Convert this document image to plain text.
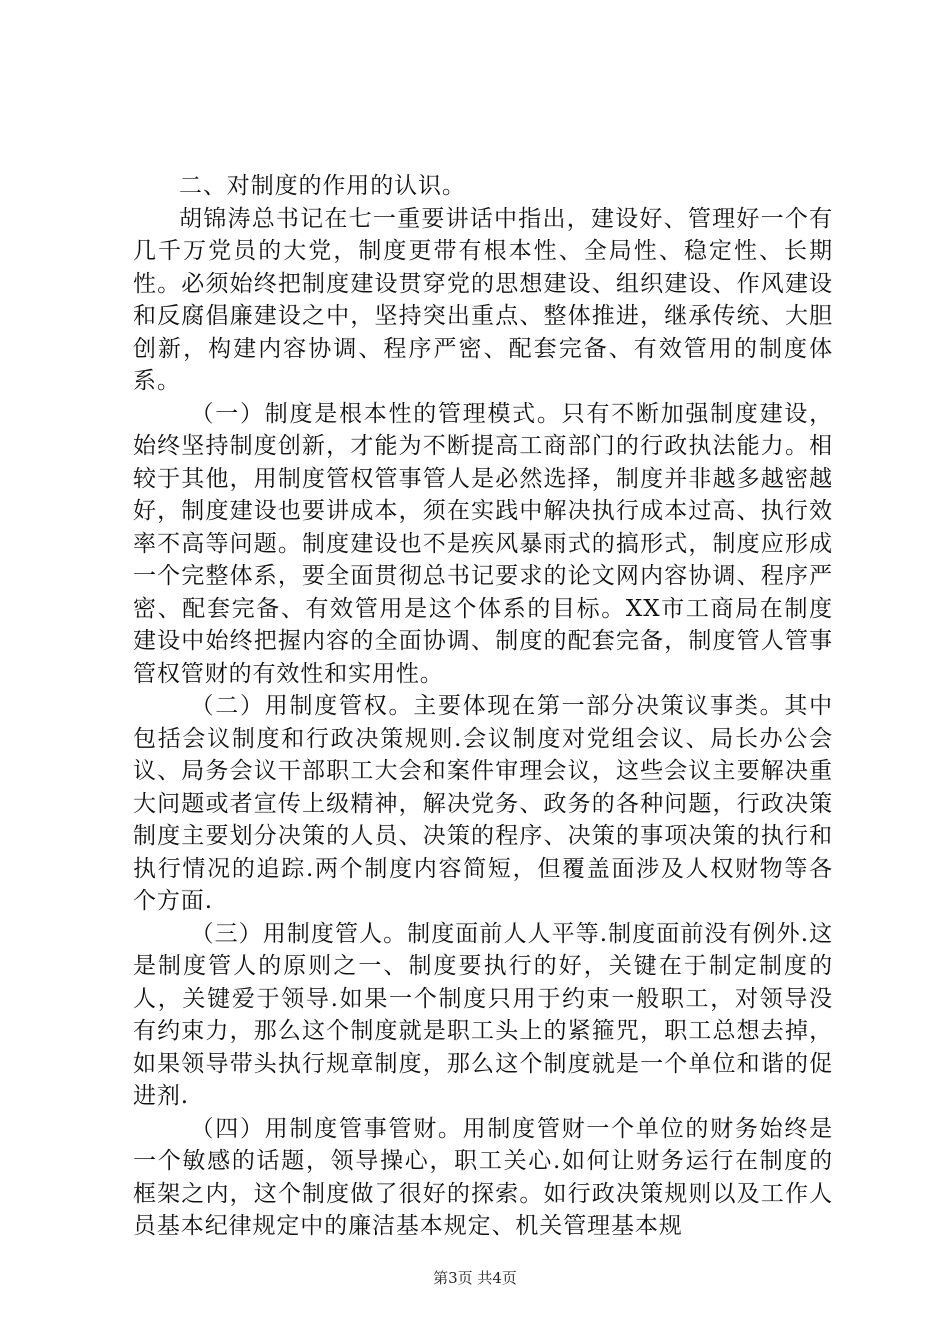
二、对制度的作用的认识。

胡锦涛总书记在七一重要讲话中指出，建设好、管理好一个有几千万党员的大党，制度更带有根本性、全局性、稳定性、长期性。必须始终把制度建设贯穿党的思想建设、组织建设、作风建设和反腐倡廉建设之中，坚持突出重点、整体推进，继承传统、大胆创新，构建内容协调、程序严密、配套完备、有效管用的制度体系。

（一）制度是根本性的管理模式。只有不断加强制度建设，始终坚持制度创新，才能为不断提高工商部门的行政执法能力。相较于其他，用制度管权管事管人是必然选择，制度并非越多越密越好，制度建设也要讲成本，须在实践中解决执行成本过高、执行效率不高等问题。制度建设也不是疾风暴雨式的搞形式，制度应形成一个完整体系，要全面贯彻总书记要求的论文网内容协调、程序严密、配套完备、有效管用是这个体系的目标。XX市工商局在制度建设中始终把握内容的全面协调、制度的配套完备，制度管人管事管权管财的有效性和实用性。

（二）用制度管权。主要体现在第一部分决策议事类。其中包括会议制度和行政决策规则.会议制度对党组会议、局长办公会议、局务会议干部职工大会和案件审理会议，这些会议主要解决重大问题或者宣传上级精神，解决党务、政务的各种问题，行政决策制度主要划分决策的人员、决策的程序、决策的事项决策的执行和执行情况的追踪.两个制度内容简短，但覆盖面涉及人权财物等各个方面.

（三）用制度管人。制度面前人人平等.制度面前没有例外.这是制度管人的原则之一、制度要执行的好，关键在于制定制度的人，关键爱于领导.如果一个制度只用于约束一般职工，对领导没有约束力，那么这个制度就是职工头上的紧箍咒，职工总想去掉，如果领导带头执行规章制度，那么这个制度就是一个单位和谐的促进剂.

（四）用制度管事管财。用制度管财一个单位的财务始终是一个敏感的话题，领导操心，职工关心.如何让财务运行在制度的框架之内，这个制度做了很好的探索。如行政决策规则以及工作人员基本纪律规定中的廉洁基本规定、机关管理基本规

第3页 共4页
